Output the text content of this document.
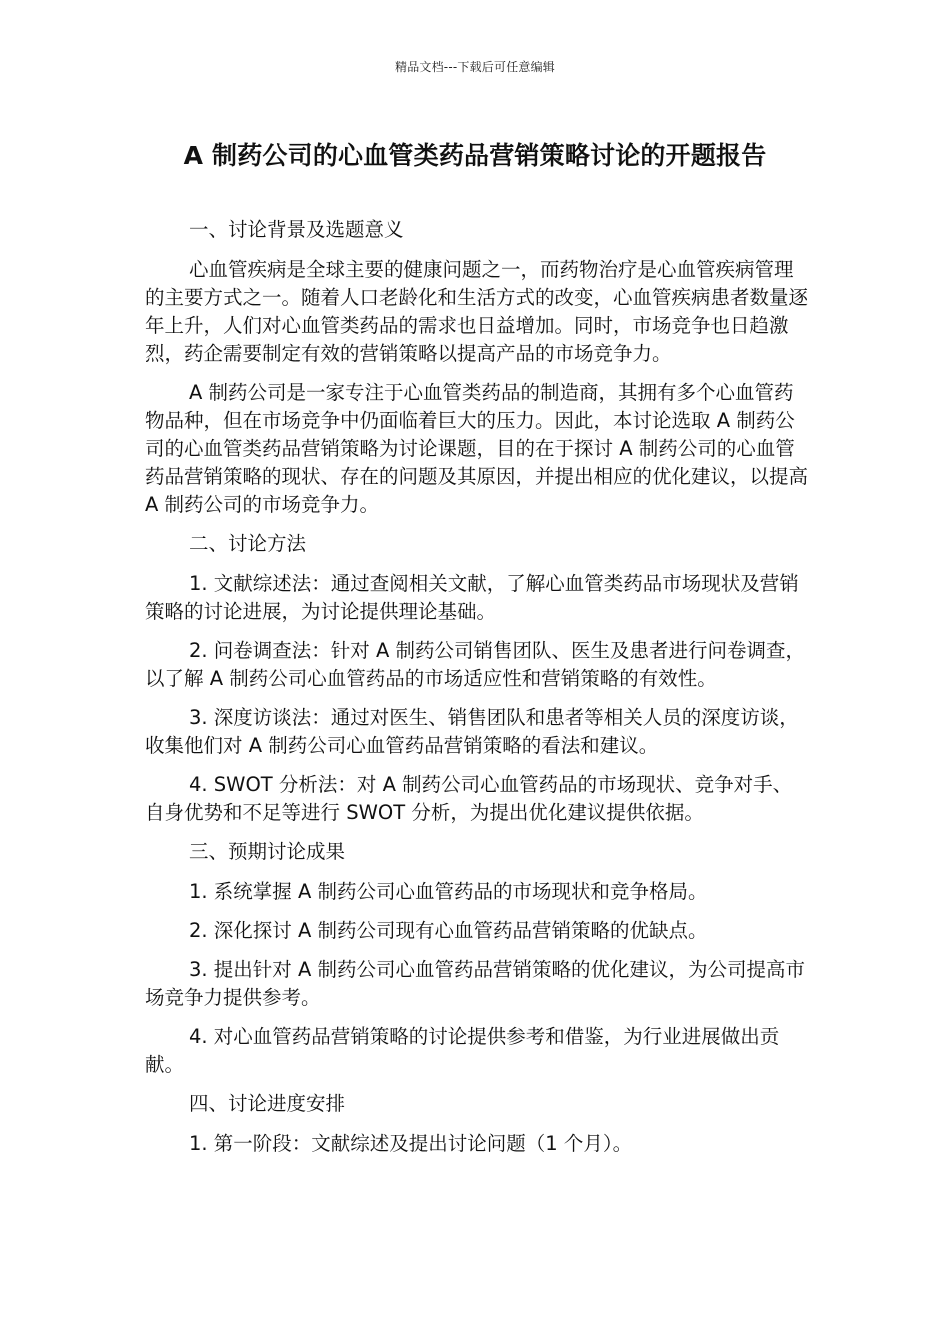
精品文档---下载后可任意编辑
A 制药公司的心血管类药品营销策略讨论的开题报告

一、讨论背景及选题意义

心血管疾病是全球主要的健康问题之一，而药物治疗是心血管疾病管理的主要方式之一。随着人口老龄化和生活方式的改变，心血管疾病患者数量逐年上升，人们对心血管类药品的需求也日益增加。同时，市场竞争也日趋激烈，药企需要制定有效的营销策略以提高产品的市场竞争力。

A 制药公司是一家专注于心血管类药品的制造商，其拥有多个心血管药物品种，但在市场竞争中仍面临着巨大的压力。因此，本讨论选取 A 制药公司的心血管类药品营销策略为讨论课题，目的在于探讨 A 制药公司的心血管药品营销策略的现状、存在的问题及其原因，并提出相应的优化建议，以提高 A 制药公司的市场竞争力。

二、讨论方法

1. 文献综述法：通过查阅相关文献，了解心血管类药品市场现状及营销策略的讨论进展，为讨论提供理论基础。

2. 问卷调查法：针对 A 制药公司销售团队、医生及患者进行问卷调查，以了解 A 制药公司心血管药品的市场适应性和营销策略的有效性。

3. 深度访谈法：通过对医生、销售团队和患者等相关人员的深度访谈，收集他们对 A 制药公司心血管药品营销策略的看法和建议。

4. SWOT 分析法：对 A 制药公司心血管药品的市场现状、竞争对手、自身优势和不足等进行 SWOT 分析，为提出优化建议提供依据。

三、预期讨论成果

1. 系统掌握 A 制药公司心血管药品的市场现状和竞争格局。

2. 深化探讨 A 制药公司现有心血管药品营销策略的优缺点。

3. 提出针对 A 制药公司心血管药品营销策略的优化建议，为公司提高市场竞争力提供参考。

4. 对心血管药品营销策略的讨论提供参考和借鉴，为行业进展做出贡献。

四、讨论进度安排

1. 第一阶段：文献综述及提出讨论问题（1 个月）。
